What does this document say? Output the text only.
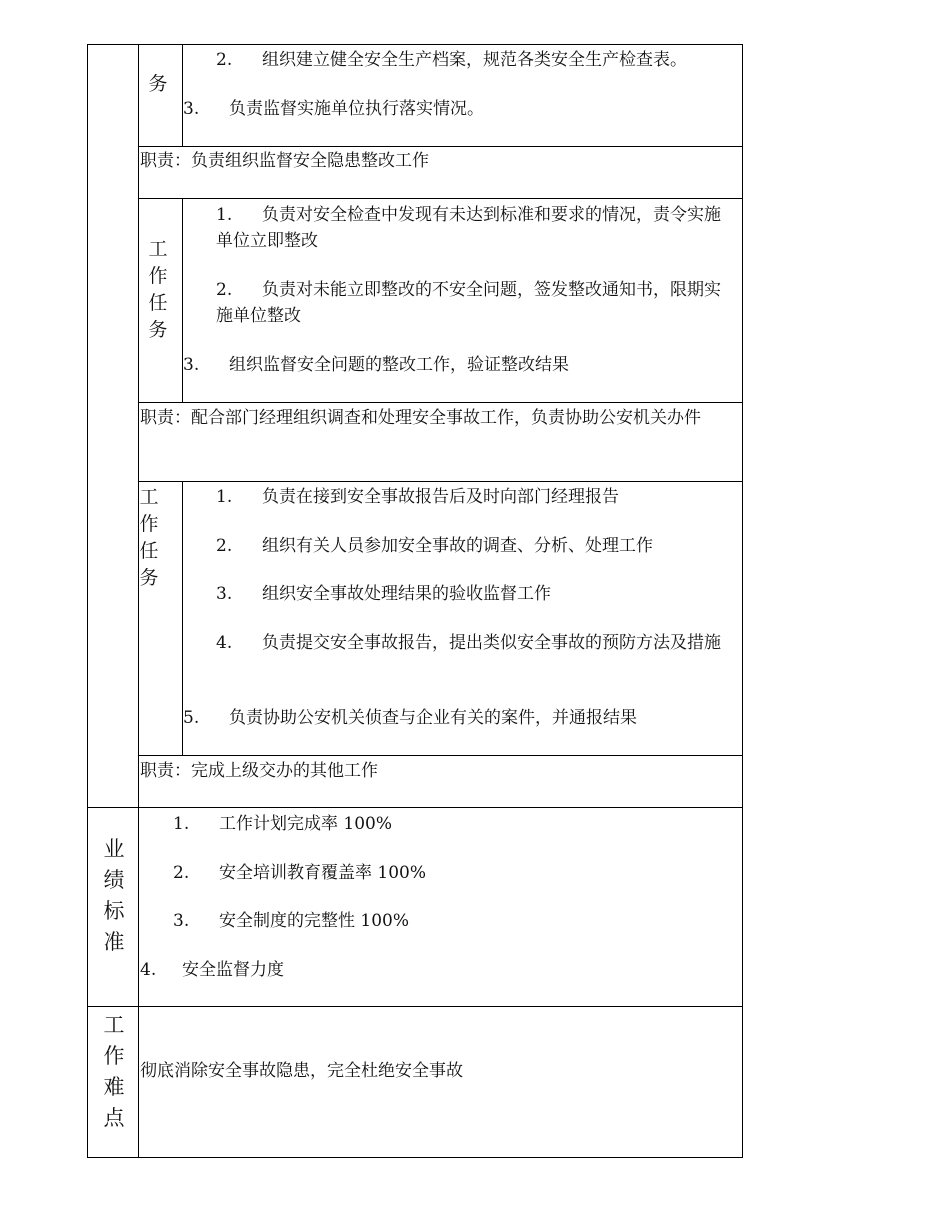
务
2. 组织建立健全安全生产档案，规范各类安全生产检查表。
3. 负责监督实施单位执行落实情况。
职责：负责组织监督安全隐患整改工作
工作任务
1. 负责对安全检查中发现有未达到标准和要求的情况，责令实施单位立即整改
2. 负责对未能立即整改的不安全问题，签发整改通知书，限期实施单位整改
3. 组织监督安全问题的整改工作，验证整改结果
职责：配合部门经理组织调查和处理安全事故工作，负责协助公安机关办件
工作任务
1. 负责在接到安全事故报告后及时向部门经理报告
2. 组织有关人员参加安全事故的调查、分析、处理工作
3. 组织安全事故处理结果的验收监督工作
4. 负责提交安全事故报告，提出类似安全事故的预防方法及措施
5. 负责协助公安机关侦查与企业有关的案件，并通报结果
职责：完成上级交办的其他工作
业绩标准
1. 工作计划完成率 100%
2. 安全培训教育覆盖率 100%
3. 安全制度的完整性 100%
4. 安全监督力度
工作难点
彻底消除安全事故隐患，完全杜绝安全事故
